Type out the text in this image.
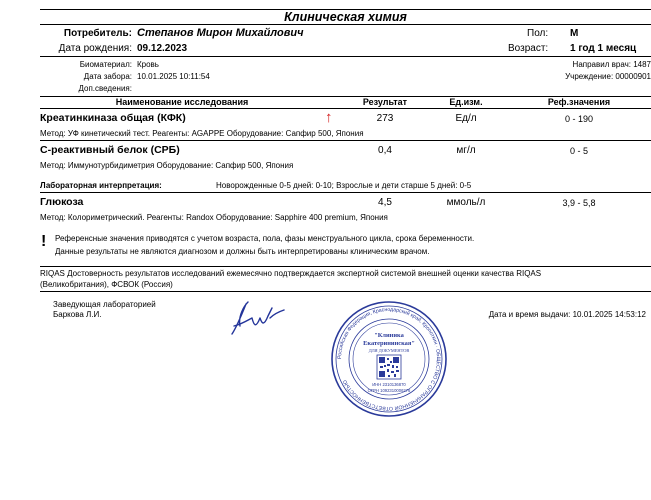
Клиническая химия
Потребитель: Степанов Мирон Михайлович	Пол: М
Дата рождения: 09.12.2023	Возраст: 1 год 1 месяц
Биоматериал: Кровь
Дата забора: 10.01.2025 10:11:54
Доп.сведения:
Направил врач: 1487
Учреждение: 00000901
Наименование исследования	Результат	Ед.изм.	Реф.значения
Креатинкиназа общая (КФК)	↑	273	Ед/л	0 - 190
Метод: УФ кинетический тест. Реагенты: AGAPPE Оборудование: Сапфир 500, Япония
С-реактивный белок (СРБ)	0,4	мг/л	0 - 5
Метод: Иммунотурбидиметрия Оборудование: Сапфир 500, Япония
Лабораторная интерпретация:	Новорожденные 0-5 дней: 0-10; Взрослые и дети старше 5 дней: 0-5
Глюкоза	4,5	ммоль/л	3,9 - 5,8
Метод: Колориметрический. Реагенты: Randox Оборудование: Sapphire 400 premium, Япония
! Референсные значения приводятся с учетом возраста, пола, фазы менструального цикла, срока беременности.
Данные результаты не являются диагнозом и должны быть интерпретированы клиническим врачом.
RIQAS Достоверность результатов исследований ежемесячно подтверждается экспертной системой внешней оценки качества RIQAS
(Великобритания), ФСВОК (Россия)
Заведующая лабораторией
Баркова Л.И.	Дата и время выдачи: 10.01.2025 14:53:12
Российская Федерация, Краснодарский край, Кропоткин · ОБЩЕСТВО С ОГРАНИЧЕННОЙ ОТВЕТСТВЕННОСТЬЮ
"Клиника
Екатерининская"
ДЛЯ ДОКУМЕНТОВ
ИНН 2310136870
ОГРН 1092310006276
